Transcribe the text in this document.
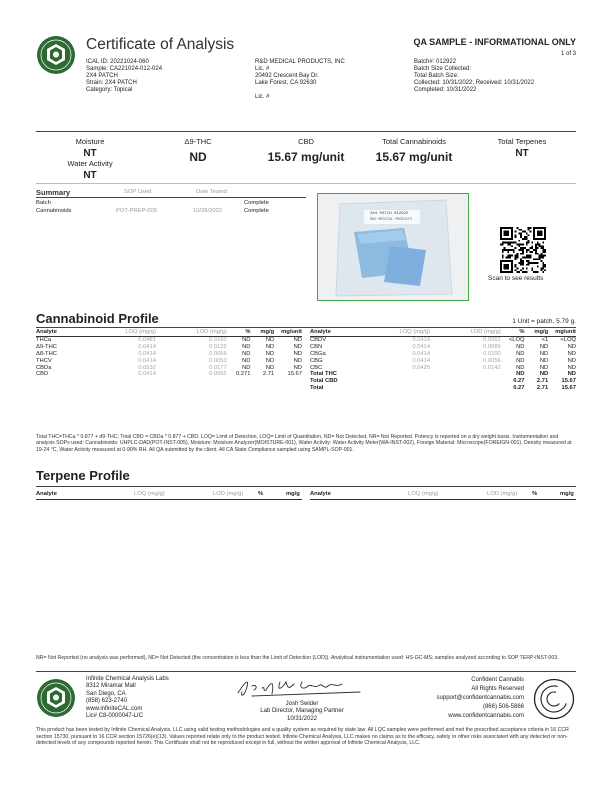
Certificate of Analysis	QA SAMPLE - INFORMATIONAL ONLY
1 of 3
ICAL ID: 20221024-060
Sample: CA221024-012-024
2X4 PATCH
Strain: 2X4 PATCH
Category: Topical
R&D MEDICAL PRODUCTS, INC
Lic. #
20492 Crescent Bay Dr.
Lake Forest, CA 92630
Lic. #
Batch#: 012922
Batch Size Collected:
Total Batch Size:
Collected: 10/31/2022; Received: 10/31/2022
Completed: 10/31/2022
Moisture
NT
Water Activity
NT
Δ9-THC
ND
CBD
15.67 mg/unit
Total Cannabinoids
15.67 mg/unit
Total Terpenes
NT
Summary	SOP Used	Date Tested
Batch	Complete
Cannabinoids	POT-PREP-005	10/28/2022	Complete	2X4 PATCH 012922
R&D MEDICAL PRODUCTS
Scan to see results
Cannabinoid Profile	1 Unit = patch, 5.79 g.
Analyte	LOQ (mg/g)	LOD (mg/g)	%	mg/g	mg/unit
THCa	0.0481	0.0160	ND	ND	ND
Δ9-THC	0.0414	0.0122	ND	ND	ND
Δ8-THC	0.0414	0.0066	ND	ND	ND
THCV	0.0414	0.0053	ND	ND	ND
CBDa	0.0532	0.0177	ND	ND	ND
CBD	0.0414	0.0055	0.271	2.71	15.67
Analyte	LOQ (mg/g)	LOD (mg/g)	%	mg/g	mg/unit
CBDV	0.0414	0.0062	<LOQ	<1	<LOQ
CBN	0.0414	0.0089	ND	ND	ND
CBGa	0.0414	0.0100	ND	ND	ND
CBG	0.0414	0.0056	ND	ND	ND
CBC	0.0425	0.0142	ND	ND	ND
Total THC			ND	ND	ND
Total CBD			0.27	2.71	15.67
Total			0.27	2.71	15.67
Total THC=THCa * 0.877 + d9-THC; Total CBD = CBDa * 0.877 + CBD. LOQ= Limit of Detection, LOQ= Limit of Quantitation, ND= Not Detected, NR= Not Reported. Potency is reported on a dry weight basis. Instrumentation and analysis SOPs used: Cannabinoids: UHPLC-DAD(POT-INST-005), Moisture: Moisture Analyzer(MOISTURE-001), Water Activity: Water Activity Meter(WA-INST-002), Foreign Material: Microscope(FOREIGN-001). Density measured at 19-24 °C, Water Activity measured at 0-90% RH. All QA submitted by the client. All CA State Compliance sampled using SAMPL-SOP-001.
Terpene Profile
Analyte	LOQ (mg/g)	LOD (mg/g)	%	mg/g Analyte	LOQ (mg/g)	LOD (mg/g)	%	mg/g
NR= Not Reported (no analysis was performed), ND= Not Detected (the concentration is less than the Limit of Detection (LOD)). Analytical instrumentation used: HS-GC-MS; samples analyzed according to SOP TERP-INST-003.
Infinite Chemical Analysis Labs
8312 Miramar Mall
San Diego, CA
(858) 623-2740
www.infiniteCAL.com
Lic# C8-0000047-LIC
Josh Swider
Lab Director, Managing Partner
10/31/2022
Confident Cannabis
All Rights Reserved
support@confidentcannabis.com
(866) 506-5866
www.confidentcannabis.com
This product has been tested by Infinite Chemical Analysis, LLC using valid testing methodologies and a quality system as required by state law. All LQC samples were performed and met the prescribed acceptance criteria in 16 CCR section 15730, pursuant to 16 CCR section 15726(e)(13). Values reported relate only to the product tested. Infinite Chemical Analysis, LLC makes no claims as to the efficacy, safety or other risks associated with any detected or non-detected levels of any compounds reported herein. This Certificate shall not be reproduced except in full, without the written approval of Infinite Chemical Analysis, LLC.
